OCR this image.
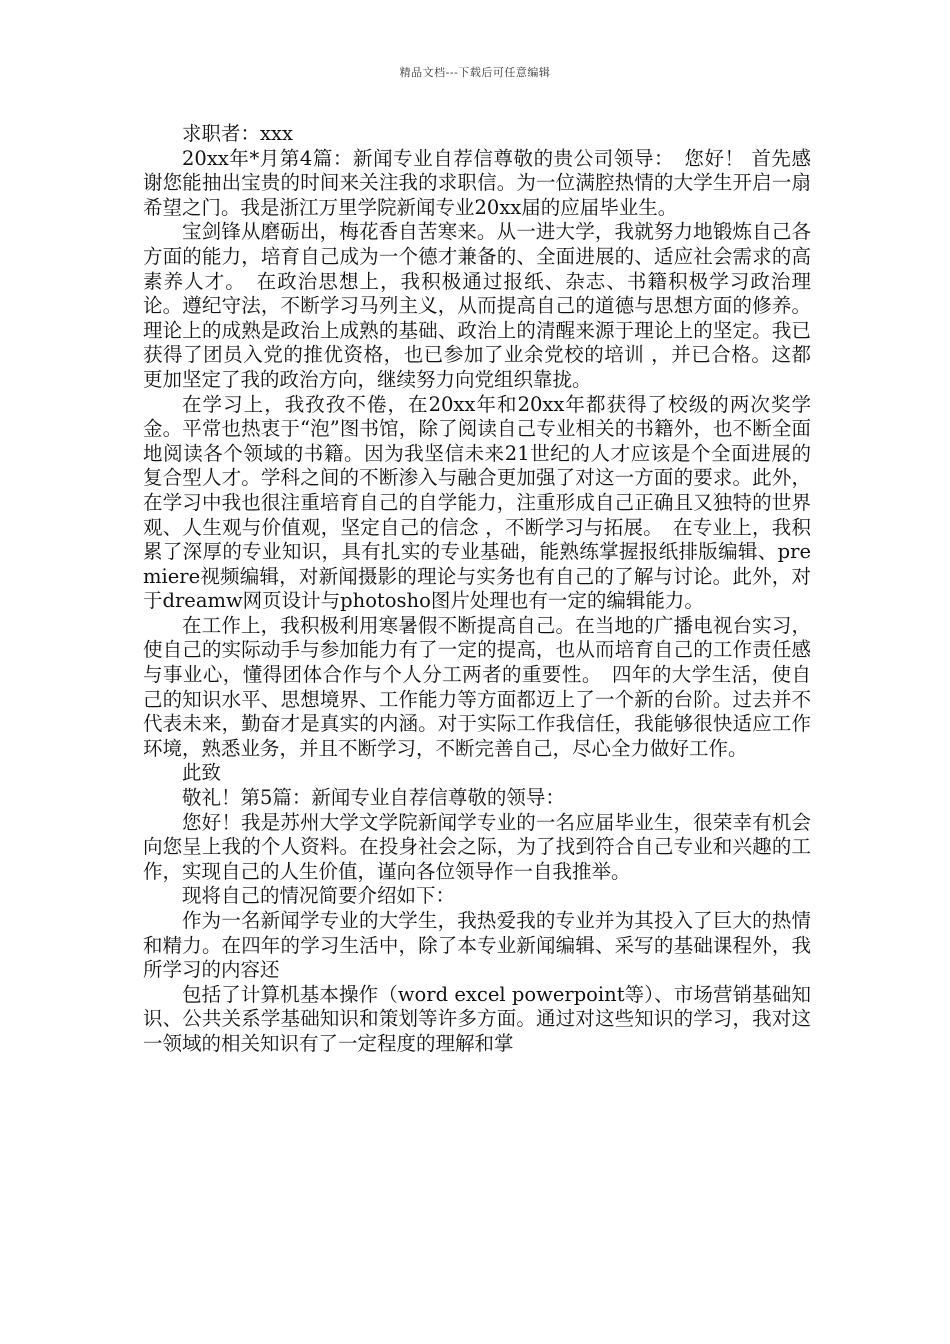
精品文档---下载后可任意编辑

求职者：xxx

20xx年*月第4篇：新闻专业自荐信尊敬的贵公司领导：　您好！ 首先感谢您能抽出宝贵的时间来关注我的求职信。为一位满腔热情的大学生开启一扇希望之门。我是浙江万里学院新闻专业20xx届的应届毕业生。

宝剑锋从磨砺出，梅花香自苦寒来。从一进大学，我就努力地锻炼自己各方面的能力，培育自己成为一个德才兼备的、全面进展的、适应社会需求的高素养人才。　在政治思想上，我积极通过报纸、杂志、书籍积极学习政治理论。遵纪守法，不断学习马列主义，从而提高自己的道德与思想方面的修养。理论上的成熟是政治上成熟的基础、政治上的清醒来源于理论上的坚定。我已获得了团员入党的推优资格，也已参加了业余党校的培训 ，并已合格。这都更加坚定了我的政治方向，继续努力向党组织靠拢。

在学习上，我孜孜不倦，在20xx年和20xx年都获得了校级的两次奖学金。平常也热衷于“泡”图书馆，除了阅读自己专业相关的书籍外，也不断全面地阅读各个领域的书籍。因为我坚信未来21世纪的人才应该是个全面进展的复合型人才。学科之间的不断渗入与融合更加强了对这一方面的要求。此外，在学习中我也很注重培育自己的自学能力，注重形成自己正确且又独特的世界观、人生观与价值观，坚定自己的信念 ，不断学习与拓展。　在专业上，我积累了深厚的专业知识，具有扎实的专业基础，能熟练掌握报纸排版编辑、premiere视频编辑，对新闻摄影的理论与实务也有自己的了解与讨论。此外，对于dreamw网页设计与photosho图片处理也有一定的编辑能力。

在工作上，我积极利用寒暑假不断提高自己。在当地的广播电视台实习，使自己的实际动手与参加能力有了一定的提高，也从而培育自己的工作责任感与事业心，懂得团体合作与个人分工两者的重要性。　四年的大学生活，使自己的知识水平、思想境界、工作能力等方面都迈上了一个新的台阶。过去并不代表未来，勤奋才是真实的内涵。对于实际工作我信任，我能够很快适应工作环境，熟悉业务，并且不断学习，不断完善自己，尽心全力做好工作。

此致

敬礼！第5篇：新闻专业自荐信尊敬的领导：

您好！我是苏州大学文学院新闻学专业的一名应届毕业生，很荣幸有机会向您呈上我的个人资料。在投身社会之际，为了找到符合自己专业和兴趣的工作，实现自己的人生价值，谨向各位领导作一自我推举。

现将自己的情况简要介绍如下：

作为一名新闻学专业的大学生，我热爱我的专业并为其投入了巨大的热情和精力。在四年的学习生活中，除了本专业新闻编辑、采写的基础课程外，我所学习的内容还

包括了计算机基本操作（word excel powerpoint等）、市场营销基础知识、公共关系学基础知识和策划等许多方面。通过对这些知识的学习，我对这一领域的相关知识有了一定程度的理解和掌
